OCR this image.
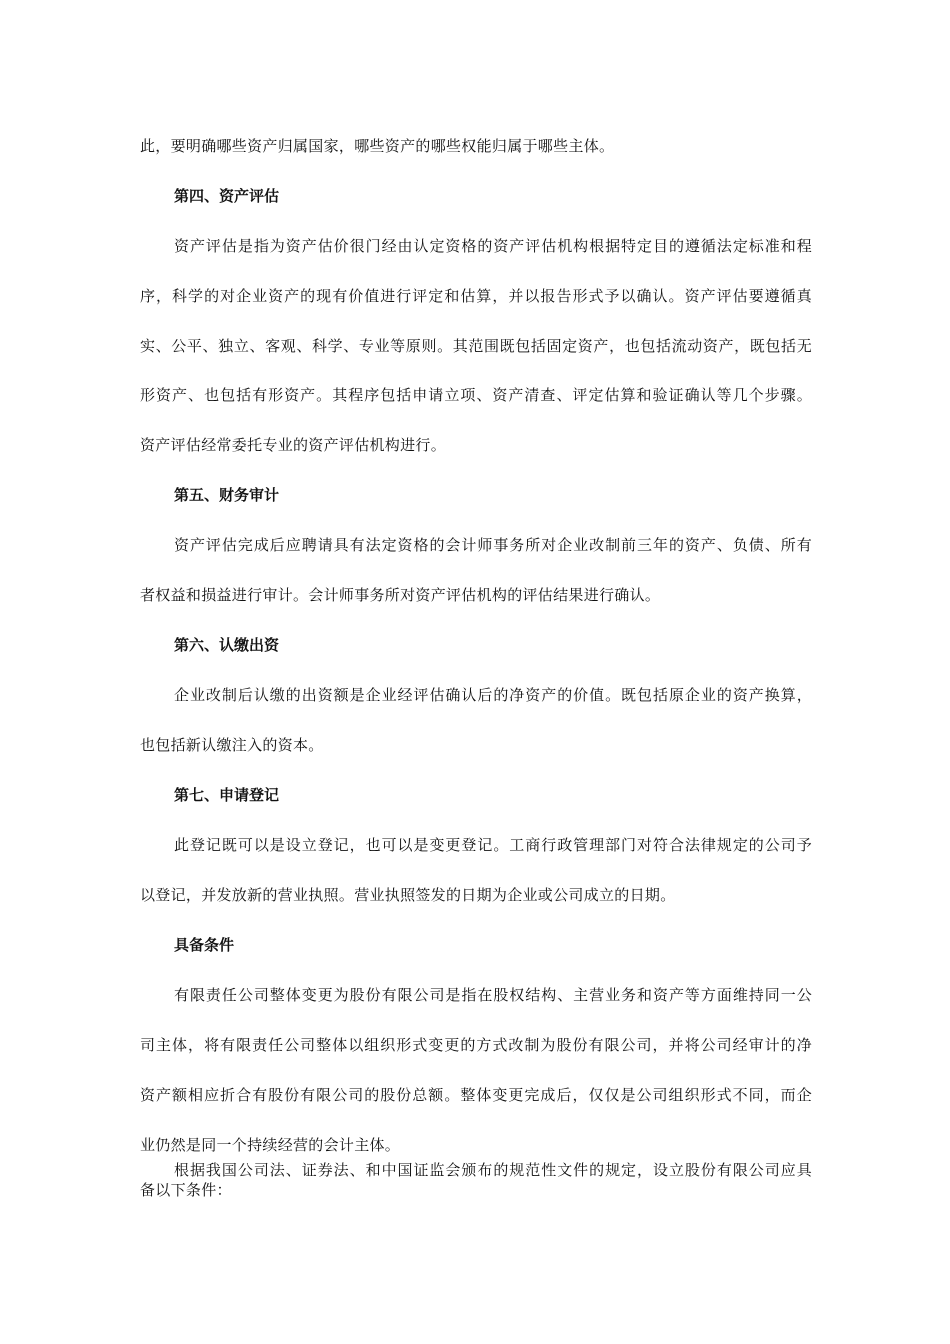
此，要明确哪些资产归属国家，哪些资产的哪些权能归属于哪些主体。
第四、资产评估
资产评估是指为资产估价很门经由认定资格的资产评估机构根据特定目的遵循法定标准和程
序，科学的对企业资产的现有价值进行评定和估算，并以报告形式予以确认。资产评估要遵循真
实、公平、独立、客观、科学、专业等原则。其范围既包括固定资产，也包括流动资产，既包括无
形资产、也包括有形资产。其程序包括申请立项、资产清查、评定估算和验证确认等几个步骤。
资产评估经常委托专业的资产评估机构进行。
第五、财务审计
资产评估完成后应聘请具有法定资格的会计师事务所对企业改制前三年的资产、负债、所有
者权益和损益进行审计。会计师事务所对资产评估机构的评估结果进行确认。
第六、认缴出资
企业改制后认缴的出资额是企业经评估确认后的净资产的价值。既包括原企业的资产换算，
也包括新认缴注入的资本。
第七、申请登记
此登记既可以是设立登记，也可以是变更登记。工商行政管理部门对符合法律规定的公司予
以登记，并发放新的营业执照。营业执照签发的日期为企业或公司成立的日期。
具备条件
有限责任公司整体变更为股份有限公司是指在股权结构、主营业务和资产等方面维持同一公
司主体，将有限责任公司整体以组织形式变更的方式改制为股份有限公司，并将公司经审计的净
资产额相应折合有股份有限公司的股份总额。整体变更完成后，仅仅是公司组织形式不同，而企
业仍然是同一个持续经营的会计主体。
根据我国公司法、证券法、和中国证监会颁布的规范性文件的规定，设立股份有限公司应具
备以下条件：
